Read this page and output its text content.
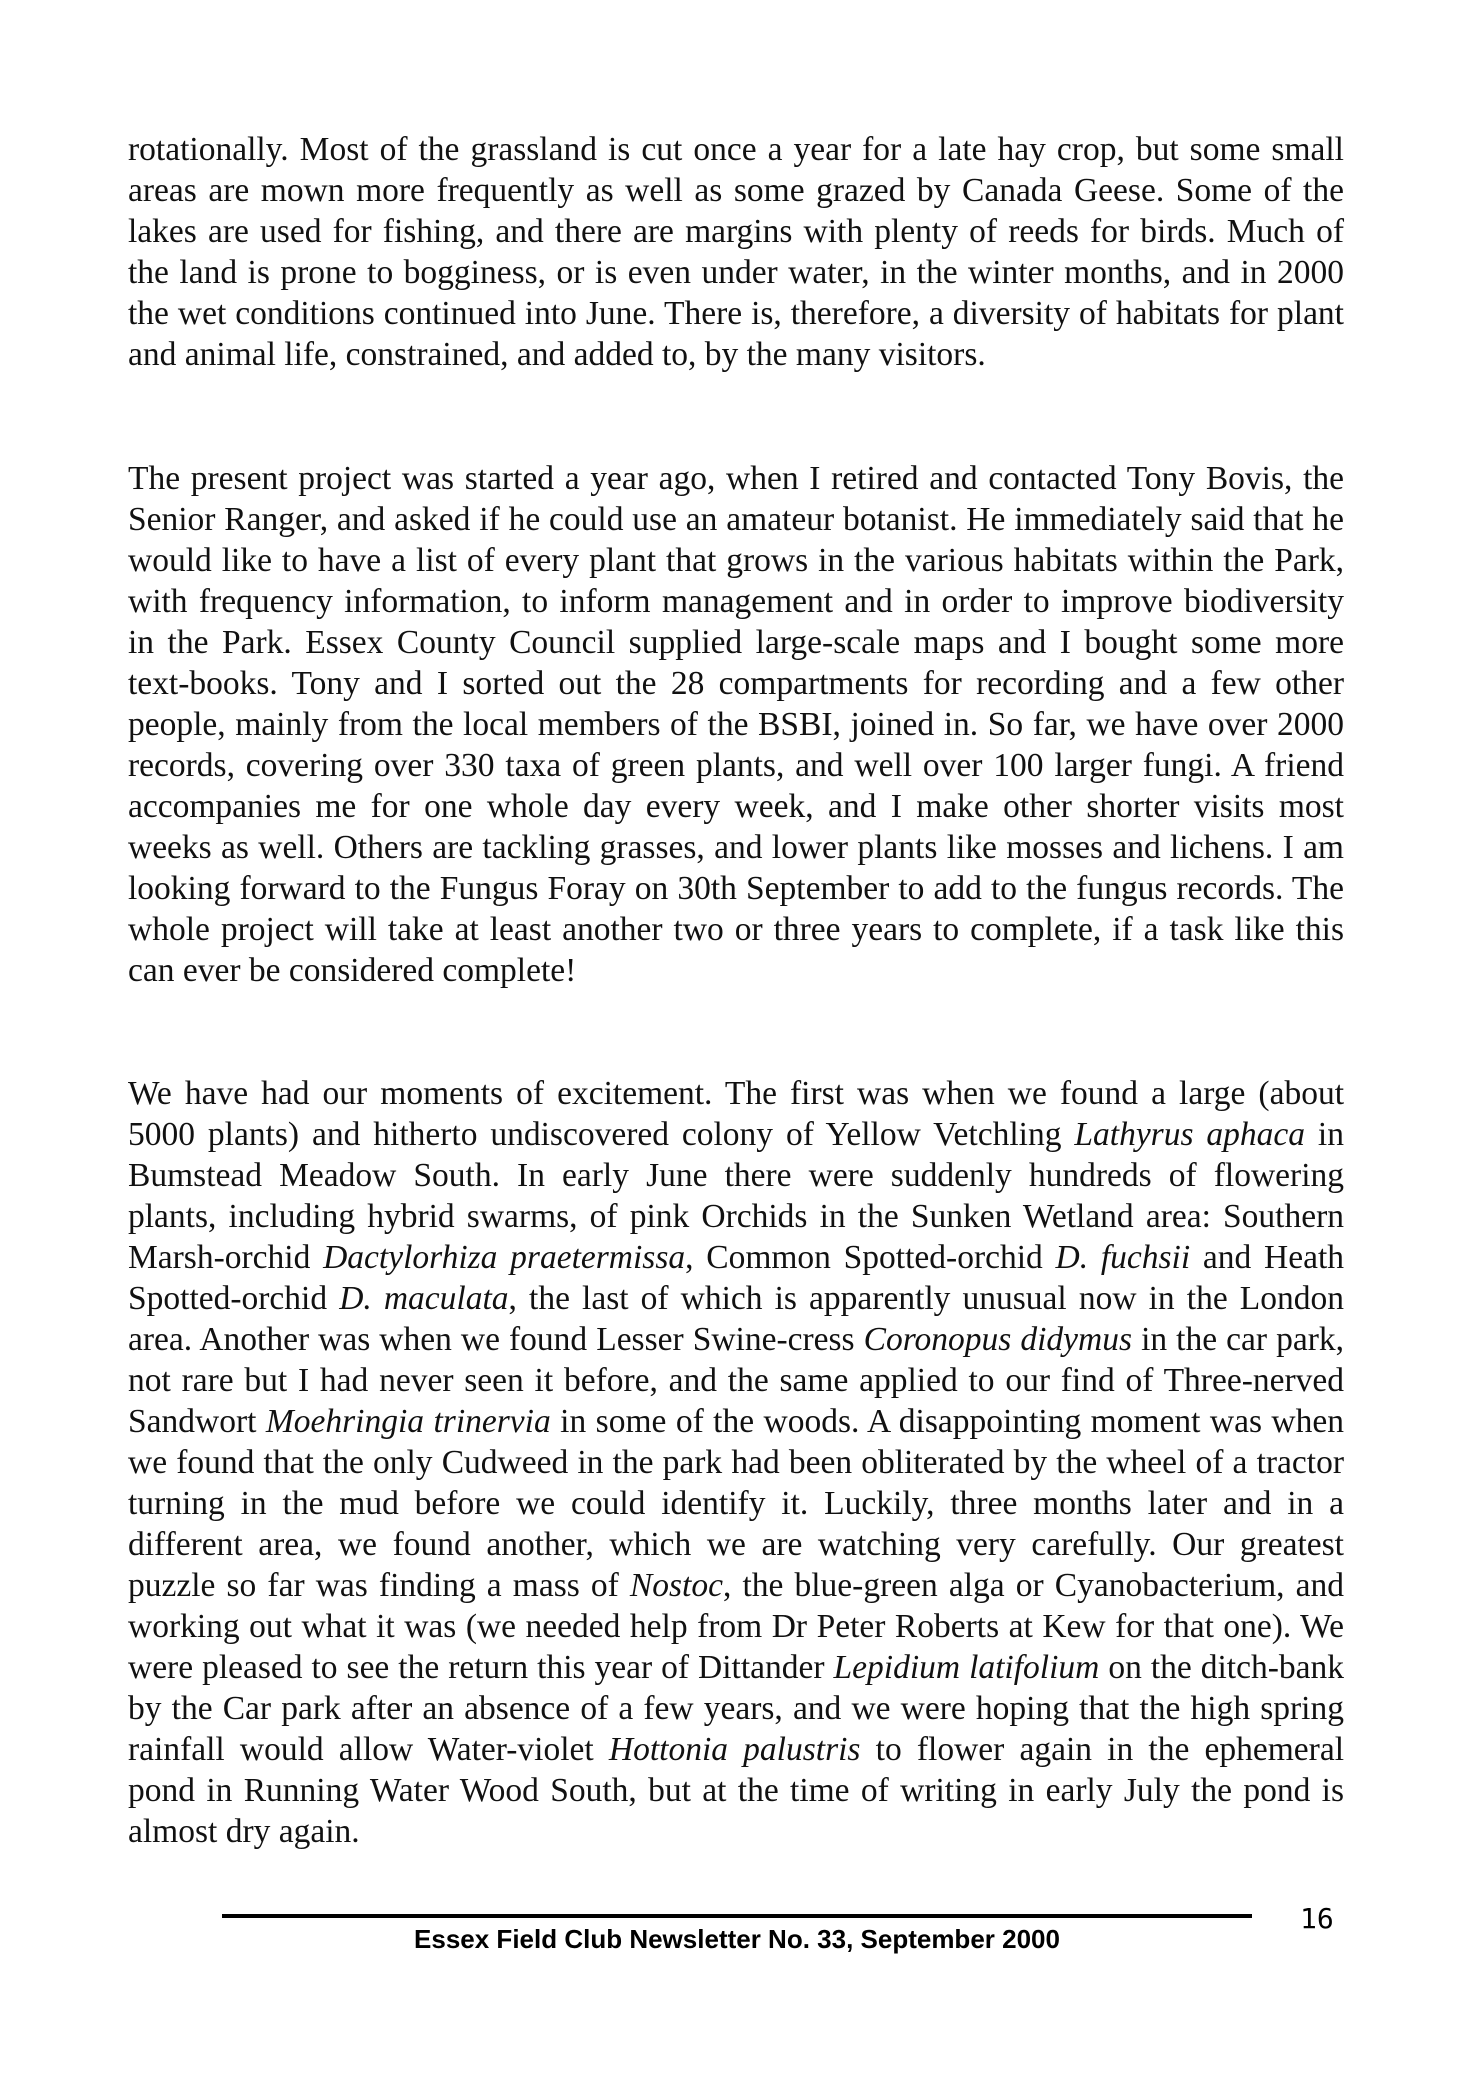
rotationally. Most of the grassland is cut once a year for a late hay crop, but some small areas are mown more frequently as well as some grazed by Canada Geese. Some of the lakes are used for fishing, and there are margins with plenty of reeds for birds. Much of the land is prone to bogginess, or is even under water, in the winter months, and in 2000 the wet conditions continued into June. There is, therefore, a diversity of habitats for plant and animal life, constrained, and added to, by the many visitors.

The present project was started a year ago, when I retired and contacted Tony Bovis, the Senior Ranger, and asked if he could use an amateur botanist. He immediately said that he would like to have a list of every plant that grows in the various habitats within the Park, with frequency information, to inform management and in order to improve biodiversity in the Park. Essex County Council supplied large-scale maps and I bought some more text-books. Tony and I sorted out the 28 compartments for recording and a few other people, mainly from the local members of the BSBI, joined in. So far, we have over 2000 records, covering over 330 taxa of green plants, and well over 100 larger fungi. A friend accompanies me for one whole day every week, and I make other shorter visits most weeks as well. Others are tackling grasses, and lower plants like mosses and lichens. I am looking forward to the Fungus Foray on 30th September to add to the fungus records. The whole project will take at least another two or three years to complete, if a task like this can ever be considered complete!

We have had our moments of excitement. The first was when we found a large (about 5000 plants) and hitherto undiscovered colony of Yellow Vetchling Lathyrus aphaca in Bumstead Meadow South. In early June there were suddenly hundreds of flowering plants, including hybrid swarms, of pink Orchids in the Sunken Wetland area: Southern Marsh-orchid Dactylorhiza praetermissa, Common Spotted-orchid D. fuchsii and Heath Spotted-orchid D. maculata, the last of which is apparently unusual now in the London area. Another was when we found Lesser Swine-cress Coronopus didymus in the car park, not rare but I had never seen it before, and the same applied to our find of Three-nerved Sandwort Moehringia trinervia in some of the woods. A disappointing moment was when we found that the only Cudweed in the park had been obliterated by the wheel of a tractor turning in the mud before we could identify it. Luckily, three months later and in a different area, we found another, which we are watching very carefully. Our greatest puzzle so far was finding a mass of Nostoc, the blue-green alga or Cyanobacterium, and working out what it was (we needed help from Dr Peter Roberts at Kew for that one). We were pleased to see the return this year of Dittander Lepidium latifolium on the ditch-bank by the Car park after an absence of a few years, and we were hoping that the high spring rainfall would allow Water-violet Hottonia palustris to flower again in the ephemeral pond in Running Water Wood South, but at the time of writing in early July the pond is almost dry again.

Essex Field Club Newsletter No. 33, September 2000
16
